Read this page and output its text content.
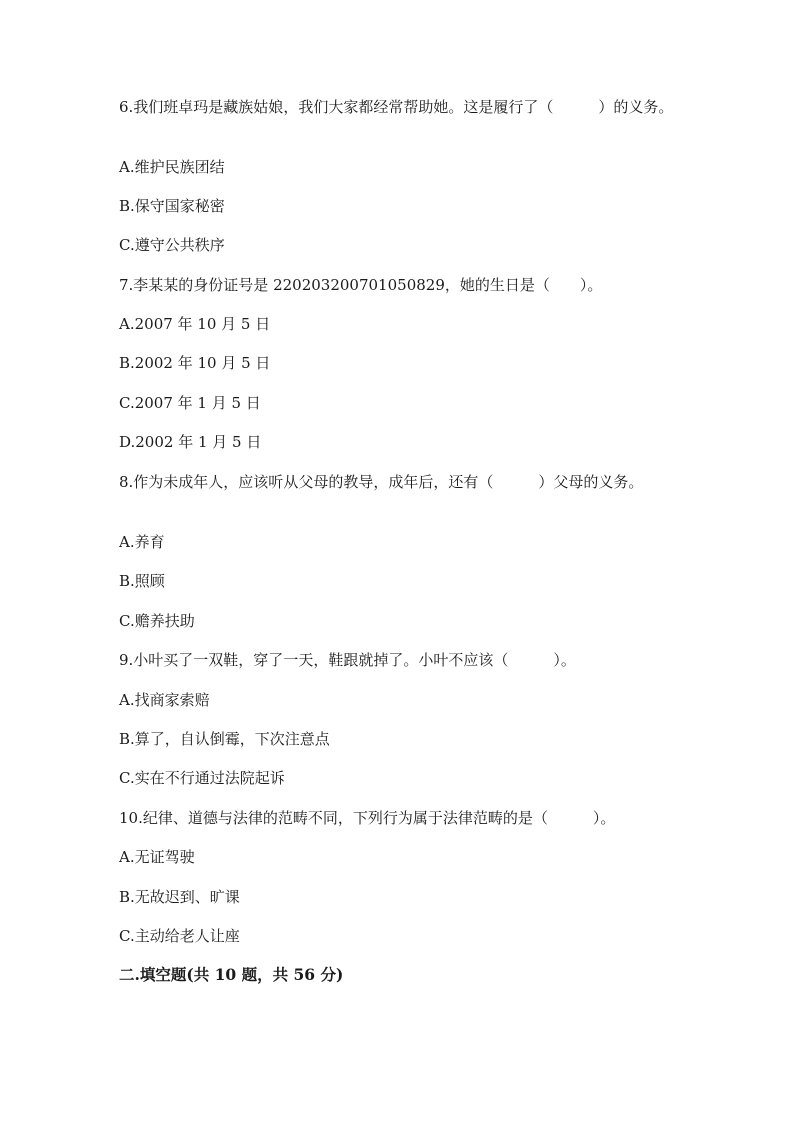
6.我们班卓玛是藏族姑娘，我们大家都经常帮助她。这是履行了（　　　）的义务。
A.维护民族团结
B.保守国家秘密
C.遵守公共秩序
7.李某某的身份证号是 220203200701050829，她的生日是（　　）。
A.2007 年 10 月 5 日
B.2002 年 10 月 5 日
C.2007 年 1 月 5 日
D.2002 年 1 月 5 日
8.作为未成年人，应该听从父母的教导，成年后，还有（　　　）父母的义务。
A.养育
B.照顾
C.赡养扶助
9.小叶买了一双鞋，穿了一天，鞋跟就掉了。小叶不应该（　　　）。
A.找商家索赔
B.算了，自认倒霉，下次注意点
C.实在不行通过法院起诉
10.纪律、道德与法律的范畴不同，下列行为属于法律范畴的是（　　　）。
A.无证驾驶
B.无故迟到、旷课
C.主动给老人让座
二.填空题(共 10 题，共 56 分)
